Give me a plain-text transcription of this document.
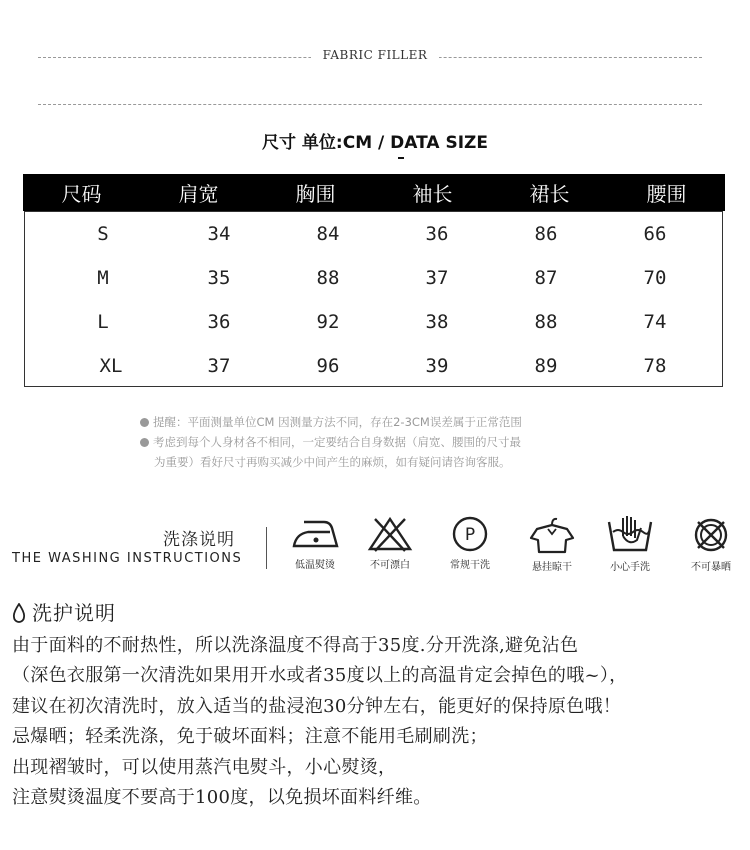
FABRIC FILLER
尺寸 单位:CM / DATA SIZE
尺码	肩宽	胸围	袖长	裙长	腰围
S	34	84	36	86	66
M	35	88	37	87	70
L	36	92	38	88	74
XL	37	96	39	89	78
提醒：平面测量单位CM 因测量方法不同，存在2-3CM误差属于正常范围
考虑到每个人身材各不相同，一定要结合自身数据（肩宽、腰围的尺寸最
为重要）看好尺寸再购买减少中间产生的麻烦，如有疑问请咨询客服。
洗涤说明
THE WASHING INSTRUCTIONS	低温熨烫	不可漂白
P
常规干洗	悬挂晾干	小心手洗	不可暴晒
洗护说明
由于面料的不耐热性，所以洗涤温度不得高于35度.分开洗涤,避免沾色
（深色衣服第一次清洗如果用开水或者35度以上的高温肯定会掉色的哦~），
建议在初次清洗时，放入适当的盐浸泡30分钟左右，能更好的保持原色哦！
忌爆晒；轻柔洗涤，免于破坏面料；注意不能用毛刷刷洗；
出现褶皱时，可以使用蒸汽电熨斗，小心熨烫，
注意熨烫温度不要高于100度，以免损坏面料纤维。
